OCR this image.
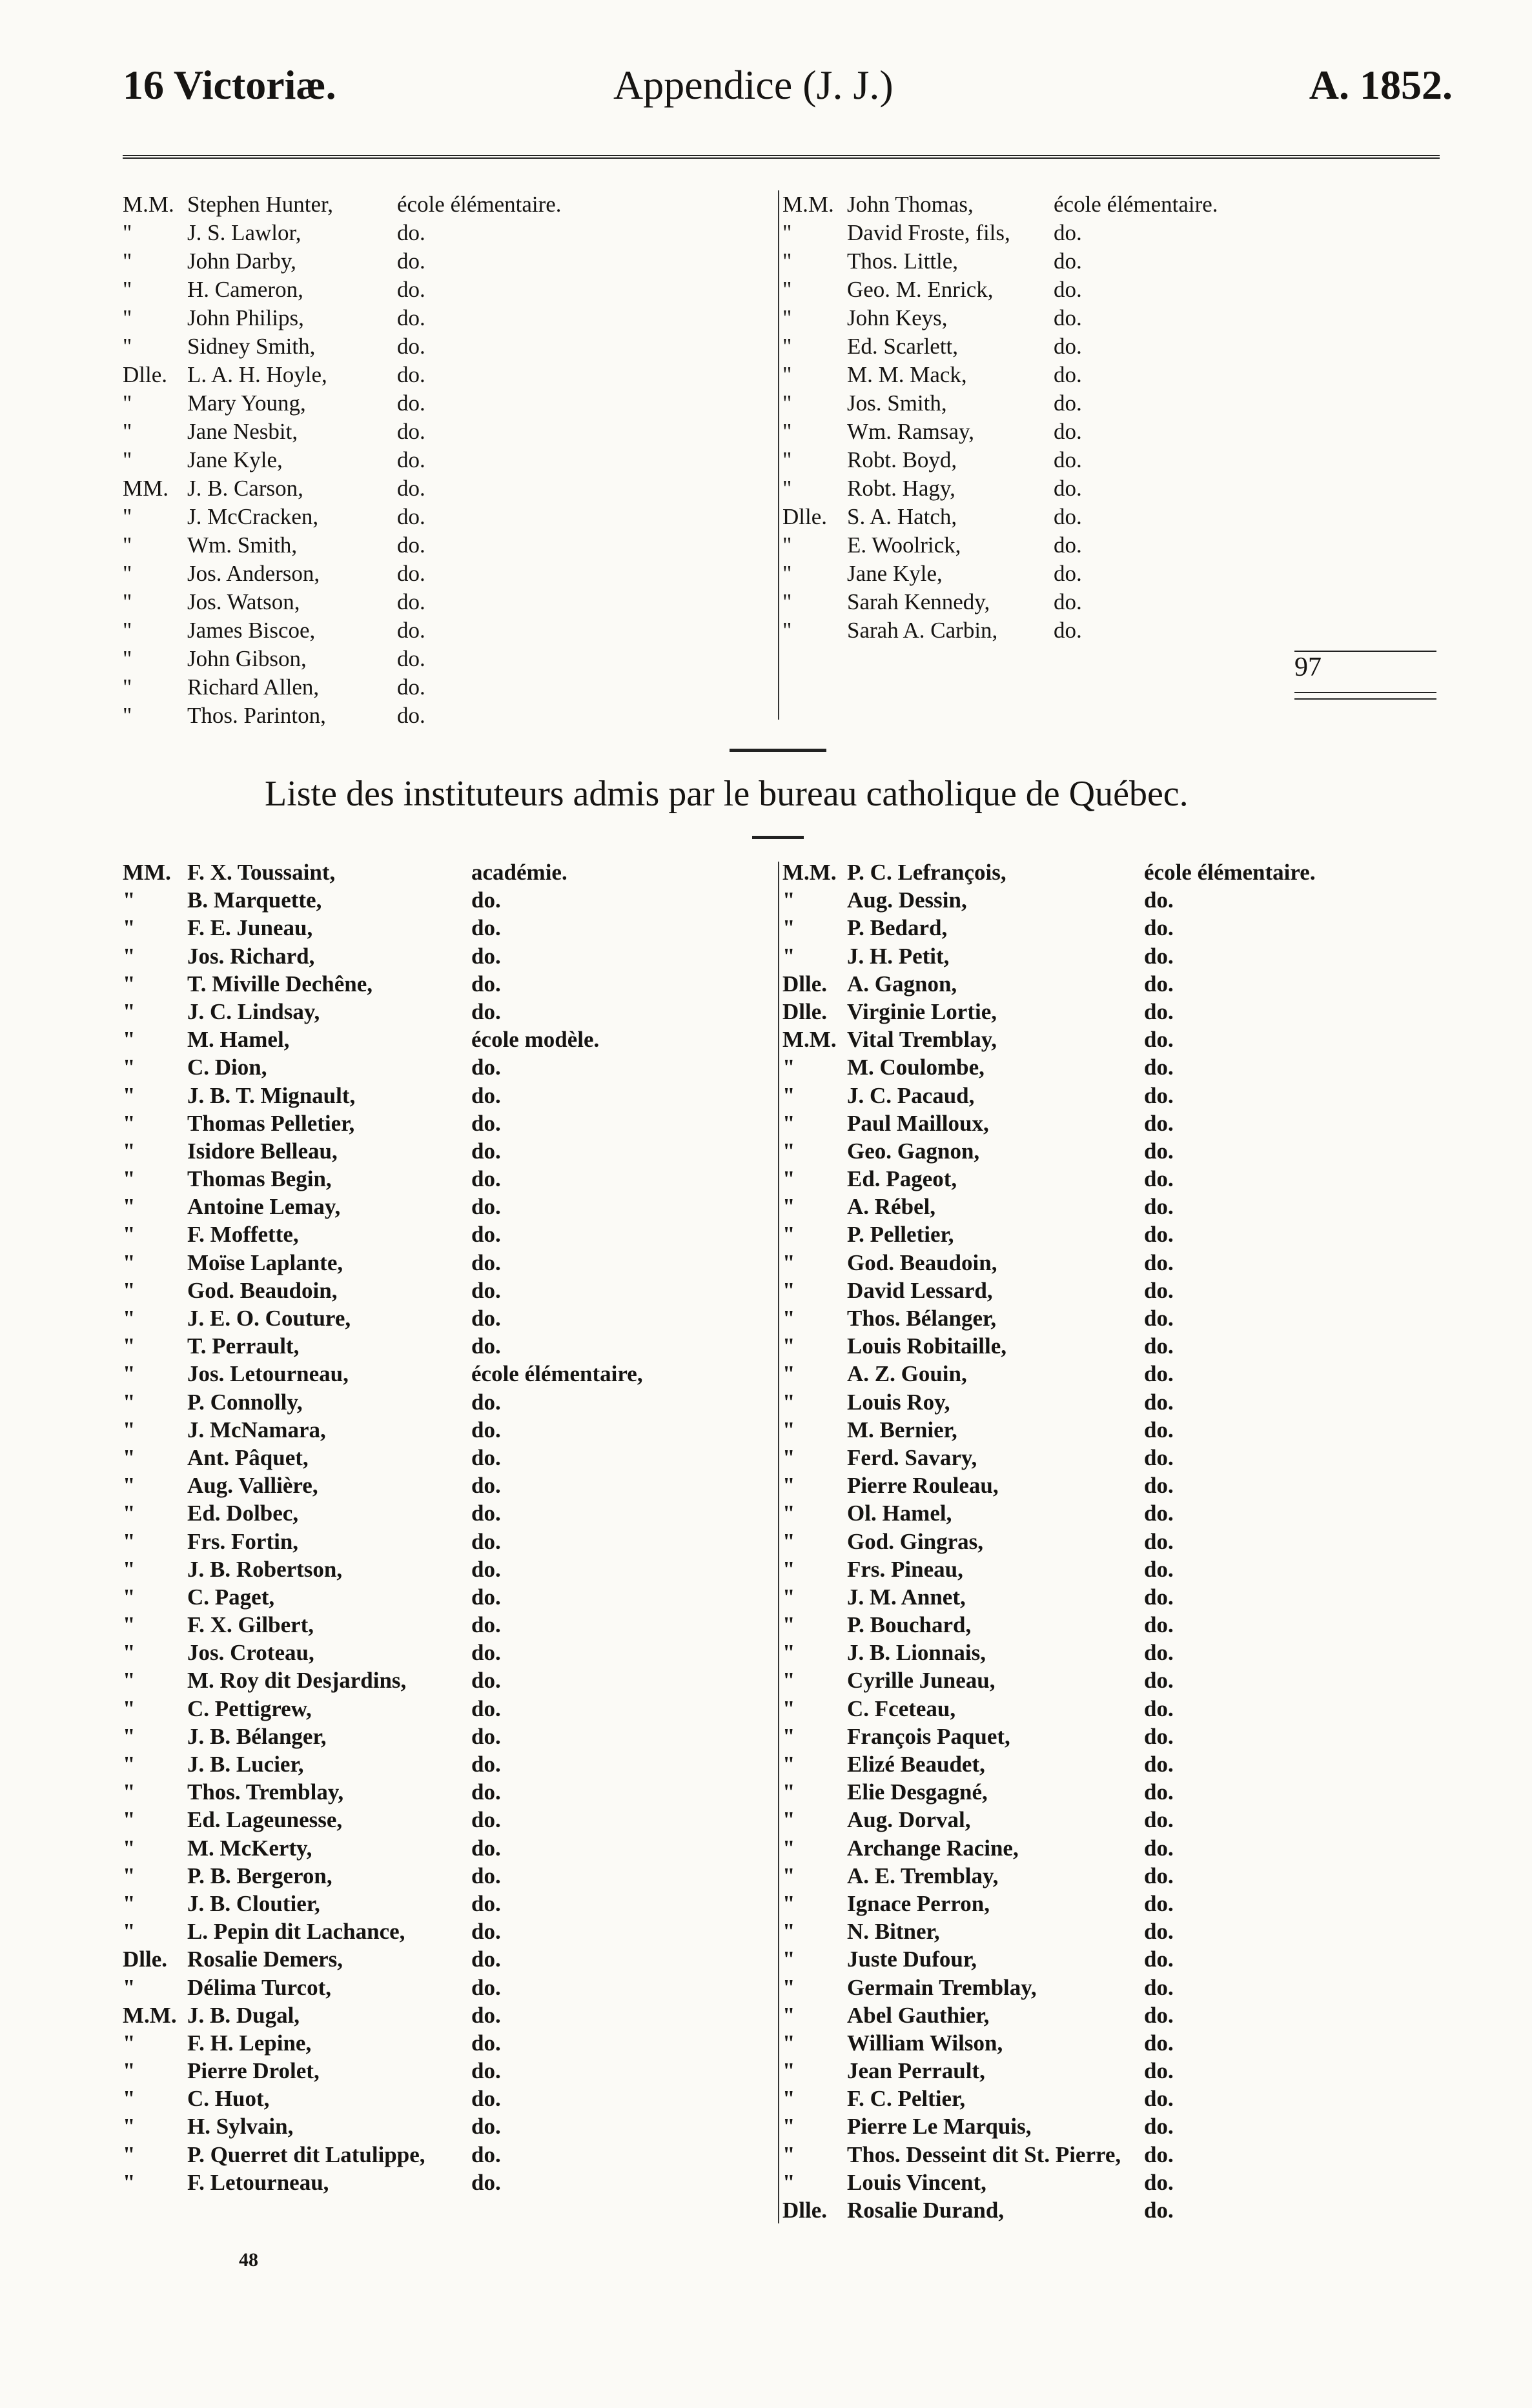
16 Victoriæ.	Appendice (J. J.)	A. 1852.
M.M. Stephen Hunter,	école élémentaire.
"	J. S. Lawlor,	do.
"	John Darby,	do.
"	H. Cameron,	do.
"	John Philips,	do.
"	Sidney Smith,	do.
Dlle. L. A. H. Hoyle,	do.
"	Mary Young,	do.
"	Jane Nesbit,	do.
"	Jane Kyle,	do.
MM. J. B. Carson,	do.
"	J. McCracken,	do.
"	Wm. Smith,	do.
"	Jos. Anderson,	do.
"	Jos. Watson,	do.
"	James Biscoe,	do.
"	John Gibson,	do.
"	Richard Allen,	do.
"	Thos. Parinton,	do.
M.M. John Thomas,	école élémentaire.
"	David Froste, fils, do.
"	Thos. Little,	do.
"	Geo. M. Enrick,	do.
"	John Keys,	do.
"	Ed. Scarlett,	do.
"	M. M. Mack,	do.
"	Jos. Smith,	do.
"	Wm. Ramsay,	do.
"	Robt. Boyd,	do.
"	Robt. Hagy,	do.
Dlle. S. A. Hatch,	do.
"	E. Woolrick,	do.
"	Jane Kyle,	do.
"	Sarah Kennedy,	do.
"	Sarah A. Carbin, do.
97
Liste des instituteurs admis par le bureau catholique de Québec.
MM. F. X. Toussaint,	académie.
"	B. Marquette,	do.
"	F. E. Juneau,	do.
"	Jos. Richard,	do.
"	T. Miville Dechêne,	do.
"	J. C. Lindsay,	do.
"	M. Hamel,	école modèle.
"	C. Dion,	do.
"	J. B. T. Mignault,	do.
"	Thomas Pelletier,	do.
"	Isidore Belleau,	do.
"	Thomas Begin,	do.
"	Antoine Lemay,	do.
"	F. Moffette,	do.
"	Moïse Laplante,	do.
"	God. Beaudoin,	do.
"	J. E. O. Couture,	do.
"	T. Perrault,	do.
"	Jos. Letourneau,	école élémentaire,
"	P. Connolly,	do.
"	J. McNamara,	do.
"	Ant. Pâquet,	do.
"	Aug. Vallière,	do.
"	Ed. Dolbec,	do.
"	Frs. Fortin,	do.
"	J. B. Robertson,	do.
"	C. Paget,	do.
"	F. X. Gilbert,	do.
"	Jos. Croteau,	do.
"	M. Roy dit Desjardins,	do.
"	C. Pettigrew,	do.
"	J. B. Bélanger,	do.
"	J. B. Lucier,	do.
"	Thos. Tremblay,	do.
"	Ed. Lageunesse,	do.
"	M. McKerty,	do.
"	P. B. Bergeron,	do.
"	J. B. Cloutier,	do.
"	L. Pepin dit Lachance,	do.
Dlle. Rosalie Demers,	do.
"	Délima Turcot,	do.
M.M. J. B. Dugal,	do.
"	F. H. Lepine,	do.
"	Pierre Drolet,	do.
"	C. Huot,	do.
"	H. Sylvain,	do.
"	P. Querret dit Latulippe, do.
"	F. Letourneau,	do.
M.M. P. C. Lefrançois,	école élémentaire.
"	Aug. Dessin,	do.
"	P. Bedard,	do.
"	J. H. Petit,	do.
Dlle. A. Gagnon,	do.
Dlle. Virginie Lortie,	do.
M.M. Vital Tremblay,	do.
"	M. Coulombe,	do.
"	J. C. Pacaud,	do.
"	Paul Mailloux,	do.
"	Geo. Gagnon,	do.
"	Ed. Pageot,	do.
"	A. Rébel,	do.
"	P. Pelletier,	do.
"	God. Beaudoin,	do.
"	David Lessard,	do.
"	Thos. Bélanger,	do.
"	Louis Robitaille,	do.
"	A. Z. Gouin,	do.
"	Louis Roy,	do.
"	M. Bernier,	do.
"	Ferd. Savary,	do.
"	Pierre Rouleau,	do.
"	Ol. Hamel,	do.
"	God. Gingras,	do.
"	Frs. Pineau,	do.
"	J. M. Annet,	do.
"	P. Bouchard,	do.
"	J. B. Lionnais,	do.
"	Cyrille Juneau,	do.
"	C. Fceteau,	do.
"	François Paquet,	do.
"	Elizé Beaudet,	do.
"	Elie Desgagné,	do.
"	Aug. Dorval,	do.
"	Archange Racine,	do.
"	A. E. Tremblay,	do.
"	Ignace Perron,	do.
"	N. Bitner,	do.
"	Juste Dufour,	do.
"	Germain Tremblay,	do.
"	Abel Gauthier,	do.
"	William Wilson,	do.
"	Jean Perrault,	do.
"	F. C. Peltier,	do.
"	Pierre Le Marquis,	do.
"	Thos. Desseint dit St. Pierre, do.
"	Louis Vincent,	do.
Dlle. Rosalie Durand,	do.
48
